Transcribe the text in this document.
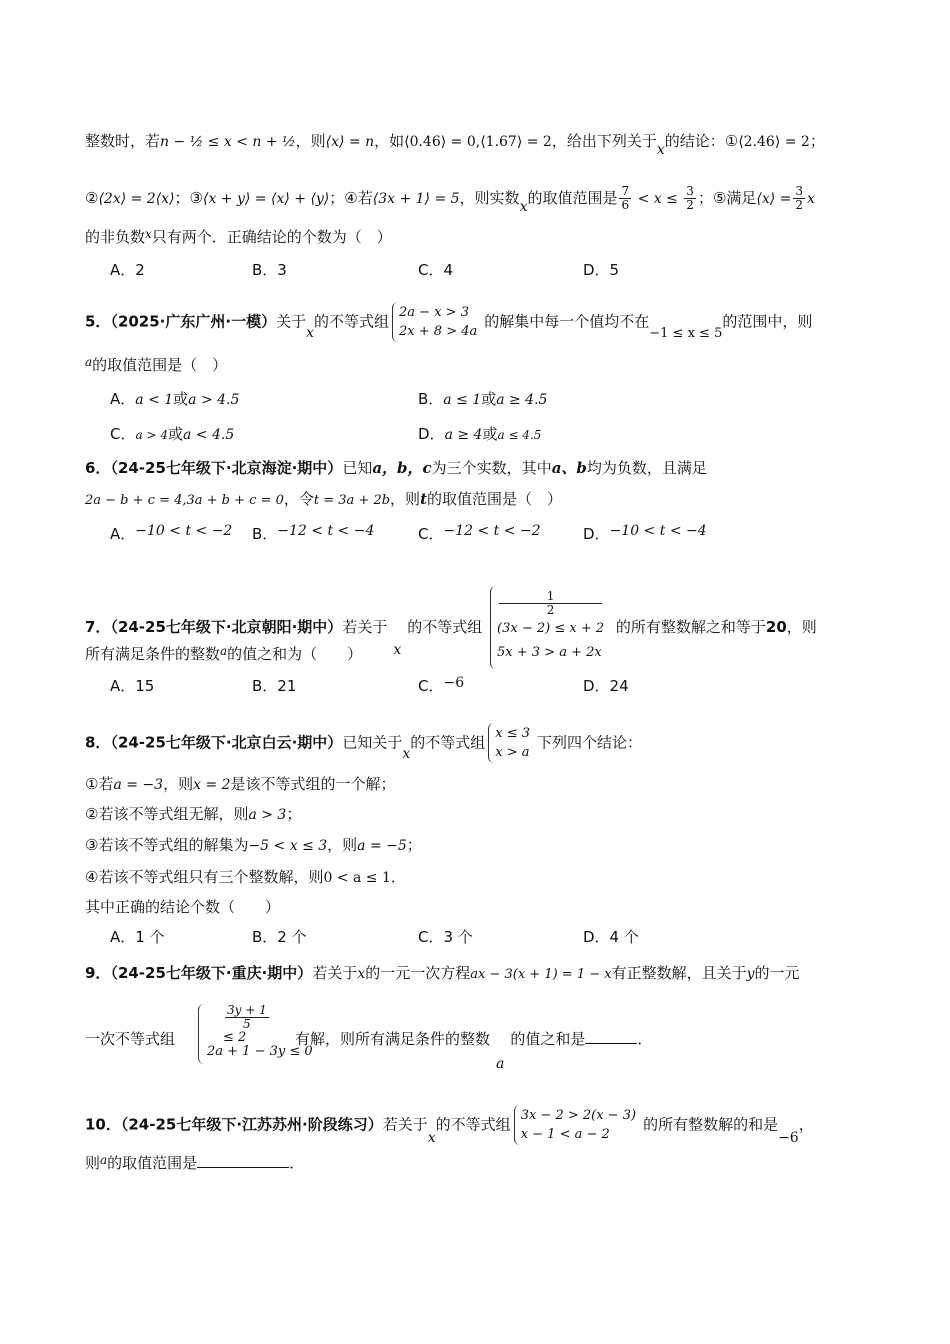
整数时，若n − ½ ≤ x < n + ½，则⟨x⟩ = n，如⟨0.46⟩ = 0,⟨1.67⟩ = 2，给出下列关于x的结论：①⟨2.46⟩ = 2；
②⟨2x⟩ = 2⟨x⟩；③⟨x + y⟩ = ⟨x⟩ + ⟨y⟩；④若⟨3x + 1⟩ = 5，则实数x的取值范围是 $\frac{7}{6} < x \le \frac{3}{2}$ ；⑤满足⟨x⟩ = $\frac{3}{2}$ x
的非负数$^x$只有两个．正确结论的个数为（　）
A．2	B．3	C．4	D．5
5．（2025·广东广州·一模）关于x的不等式组 2a − x > 3
2x + 8 > 4a
的解集中每一个值均不在−1 ≤ x ≤ 5的范围中，则
$^a$的取值范围是（　）
A．a < 1或a > 4.5	B．a ≤ 1或a ≥ 4.5
C．a > 4或a < 4.5	D．a ≥ 4或a ≤ 4.5
6．（24-25七年级下·北京海淀·期中）已知a，b，c为三个实数，其中a、b均为负数，且满足
2a − b + c = 4,3a + b + c = 0，令t = 3a + 2b，则t的取值范围是（　）
A．−10 < t < −2 B．−12 < t < −4	C．−12 < t < −2	D．−10 < t < −4
7．（24-25七年级下·北京朝阳·期中）若关于x的不等式组
1
2
(3x − 2) ≤ x + 2
5x + 3 > a + 2x
的所有整数解之和等于20，则
所有满足条件的整数$^a$的值之和为（　　）
A．15	B．21	C．−6	D．24
8．（24-25七年级下·北京白云·期中）已知关于x的不等式组 x ≤ 3
x > a
下列四个结论：
①若a = −3，则x = 2是该不等式组的一个解；
②若该不等式组无解，则a > 3；
③若该不等式组的解集为−5 < x ≤ 3，则a = −5；
④若该不等式组只有三个整数解，则0 < a ≤ 1．
其中正确的结论个数（　　）
A．1 个	B．2 个	C．3 个	D．4 个
9．（24-25七年级下·重庆·期中）若关于x的一元一次方程ax − 3(x + 1) = 1 − x有正整数解，且关于y的一元
一次不等式组
3y + 1
5
≤ 2
2a + 1 − 3y ≤ 0
有解，则所有满足条件的整数a的值之和是	．
10．（24-25七年级下·江苏苏州·阶段练习）若关于x的不等式组 3x − 2 > 2(x − 3)
x − 1 < a − 2
的所有整数解的和是−6，
则$^a$的取值范围是	．
